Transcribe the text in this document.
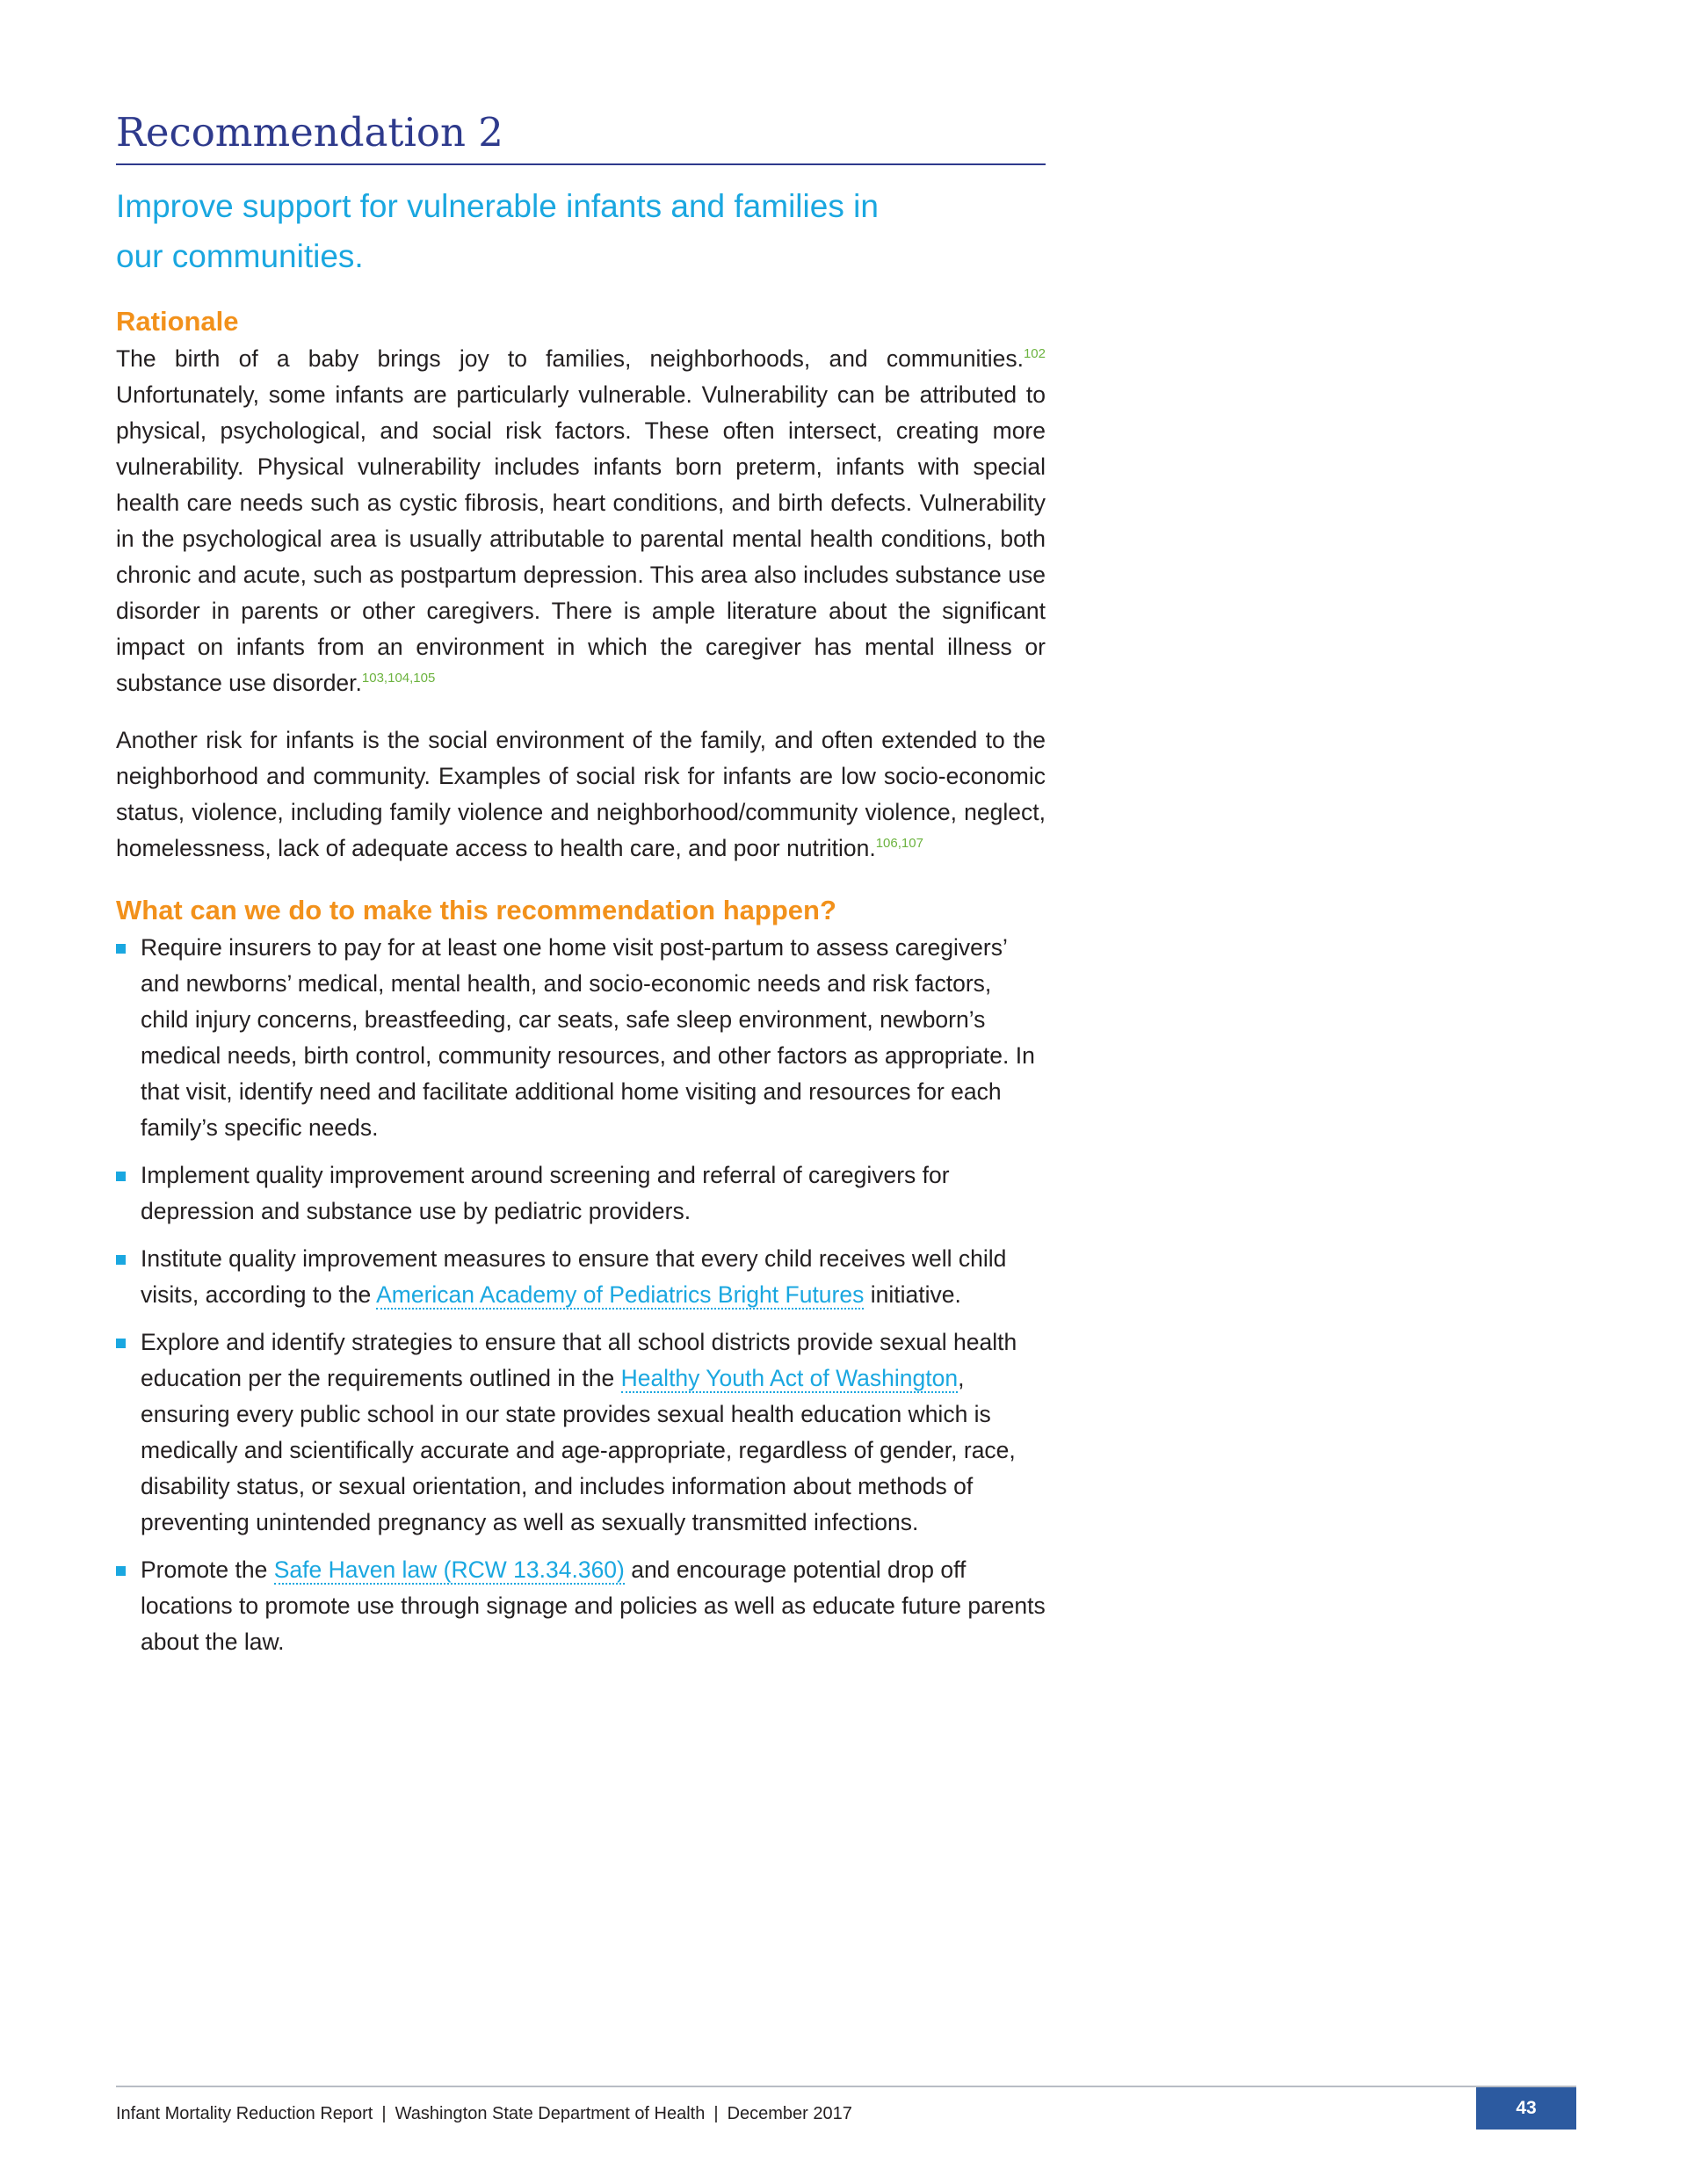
Recommendation 2
Improve support for vulnerable infants and families in our communities.
Rationale

The birth of a baby brings joy to families, neighborhoods, and communities.$^{102}$ Unfortunately, some infants are particularly vulnerable. Vulnerability can be attributed to physical, psychological, and social risk factors. These often intersect, creating more vulnerability. Physical vulnerability includes infants born preterm, infants with special health care needs such as cystic fibrosis, heart conditions, and birth defects. Vulnerability in the psychological area is usually attributable to parental mental health conditions, both chronic and acute, such as postpartum depression. This area also includes substance use disorder in parents or other caregivers. There is ample literature about the significant impact on infants from an environment in which the caregiver has mental illness or substance use disorder.$^{103,104,105}$

Another risk for infants is the social environment of the family, and often extended to the neighborhood and community. Examples of social risk for infants are low socio-economic status, violence, including family violence and neighborhood/community violence, neglect, homelessness, lack of adequate access to health care, and poor nutrition.$^{106,107}$

What can we do to make this recommendation happen?
Require insurers to pay for at least one home visit post-partum to assess caregivers’ and newborns’ medical, mental health, and socio-economic needs and risk factors, child injury concerns, breastfeeding, car seats, safe sleep environment, newborn’s medical needs, birth control, community resources, and other factors as appropriate. In that visit, identify need and facilitate additional home visiting and resources for each family’s specific needs.
Implement quality improvement around screening and referral of caregivers for depression and substance use by pediatric providers.
Institute quality improvement measures to ensure that every child receives well child visits, according to the American Academy of Pediatrics Bright Futures initiative.
Explore and identify strategies to ensure that all school districts provide sexual health education per the requirements outlined in the Healthy Youth Act of Washington, ensuring every public school in our state provides sexual health education which is medically and scientifically accurate and age-appropriate, regardless of gender, race, disability status, or sexual orientation, and includes information about methods of preventing unintended pregnancy as well as sexually transmitted infections.
Promote the Safe Haven law (RCW 13.34.360) and encourage potential drop off locations to promote use through signage and policies as well as educate future parents about the law.
Infant Mortality Reduction Report | Washington State Department of Health | December 2017	43
